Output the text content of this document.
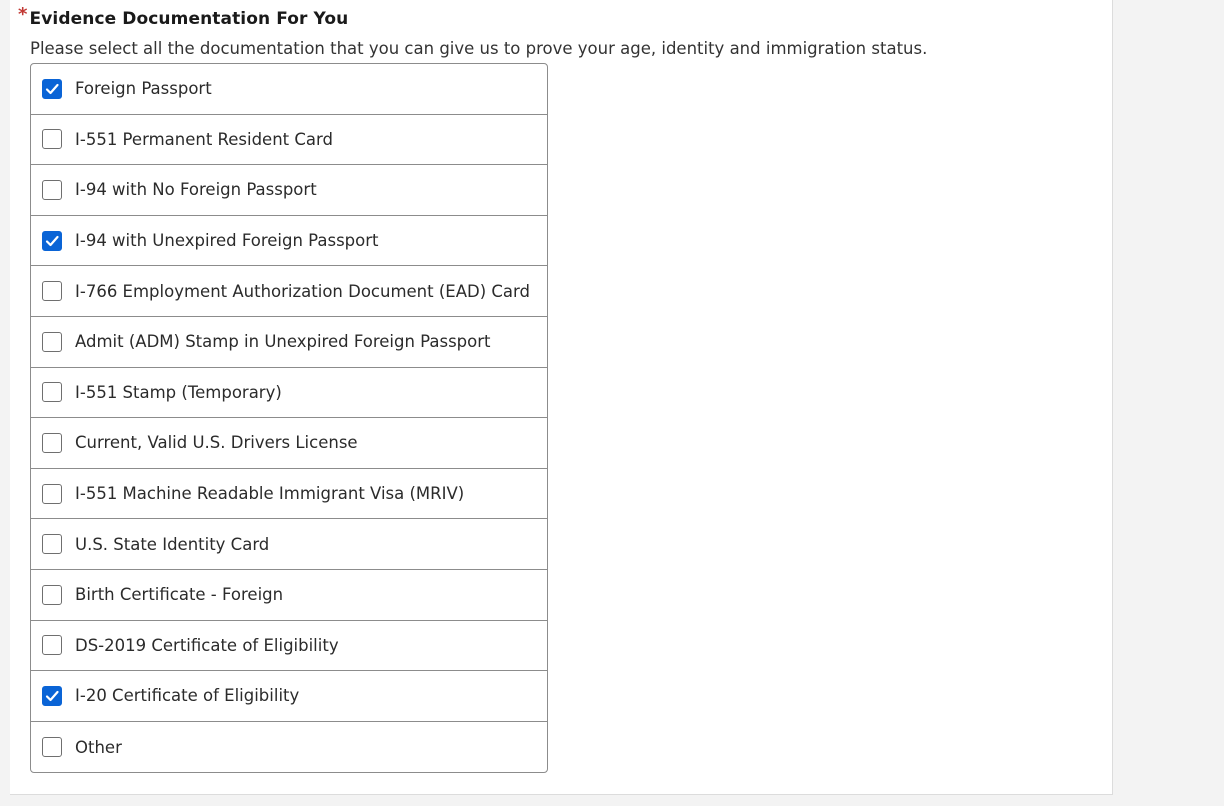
* Evidence Documentation For You
Please select all the documentation that you can give us to prove your age, identity and immigration status.
Foreign Passport
I-551 Permanent Resident Card
I-94 with No Foreign Passport
I-94 with Unexpired Foreign Passport
I-766 Employment Authorization Document (EAD) Card
Admit (ADM) Stamp in Unexpired Foreign Passport
I-551 Stamp (Temporary)
Current, Valid U.S. Drivers License
I-551 Machine Readable Immigrant Visa (MRIV)
U.S. State Identity Card
Birth Certificate - Foreign
DS-2019 Certificate of Eligibility
I-20 Certificate of Eligibility
Other
